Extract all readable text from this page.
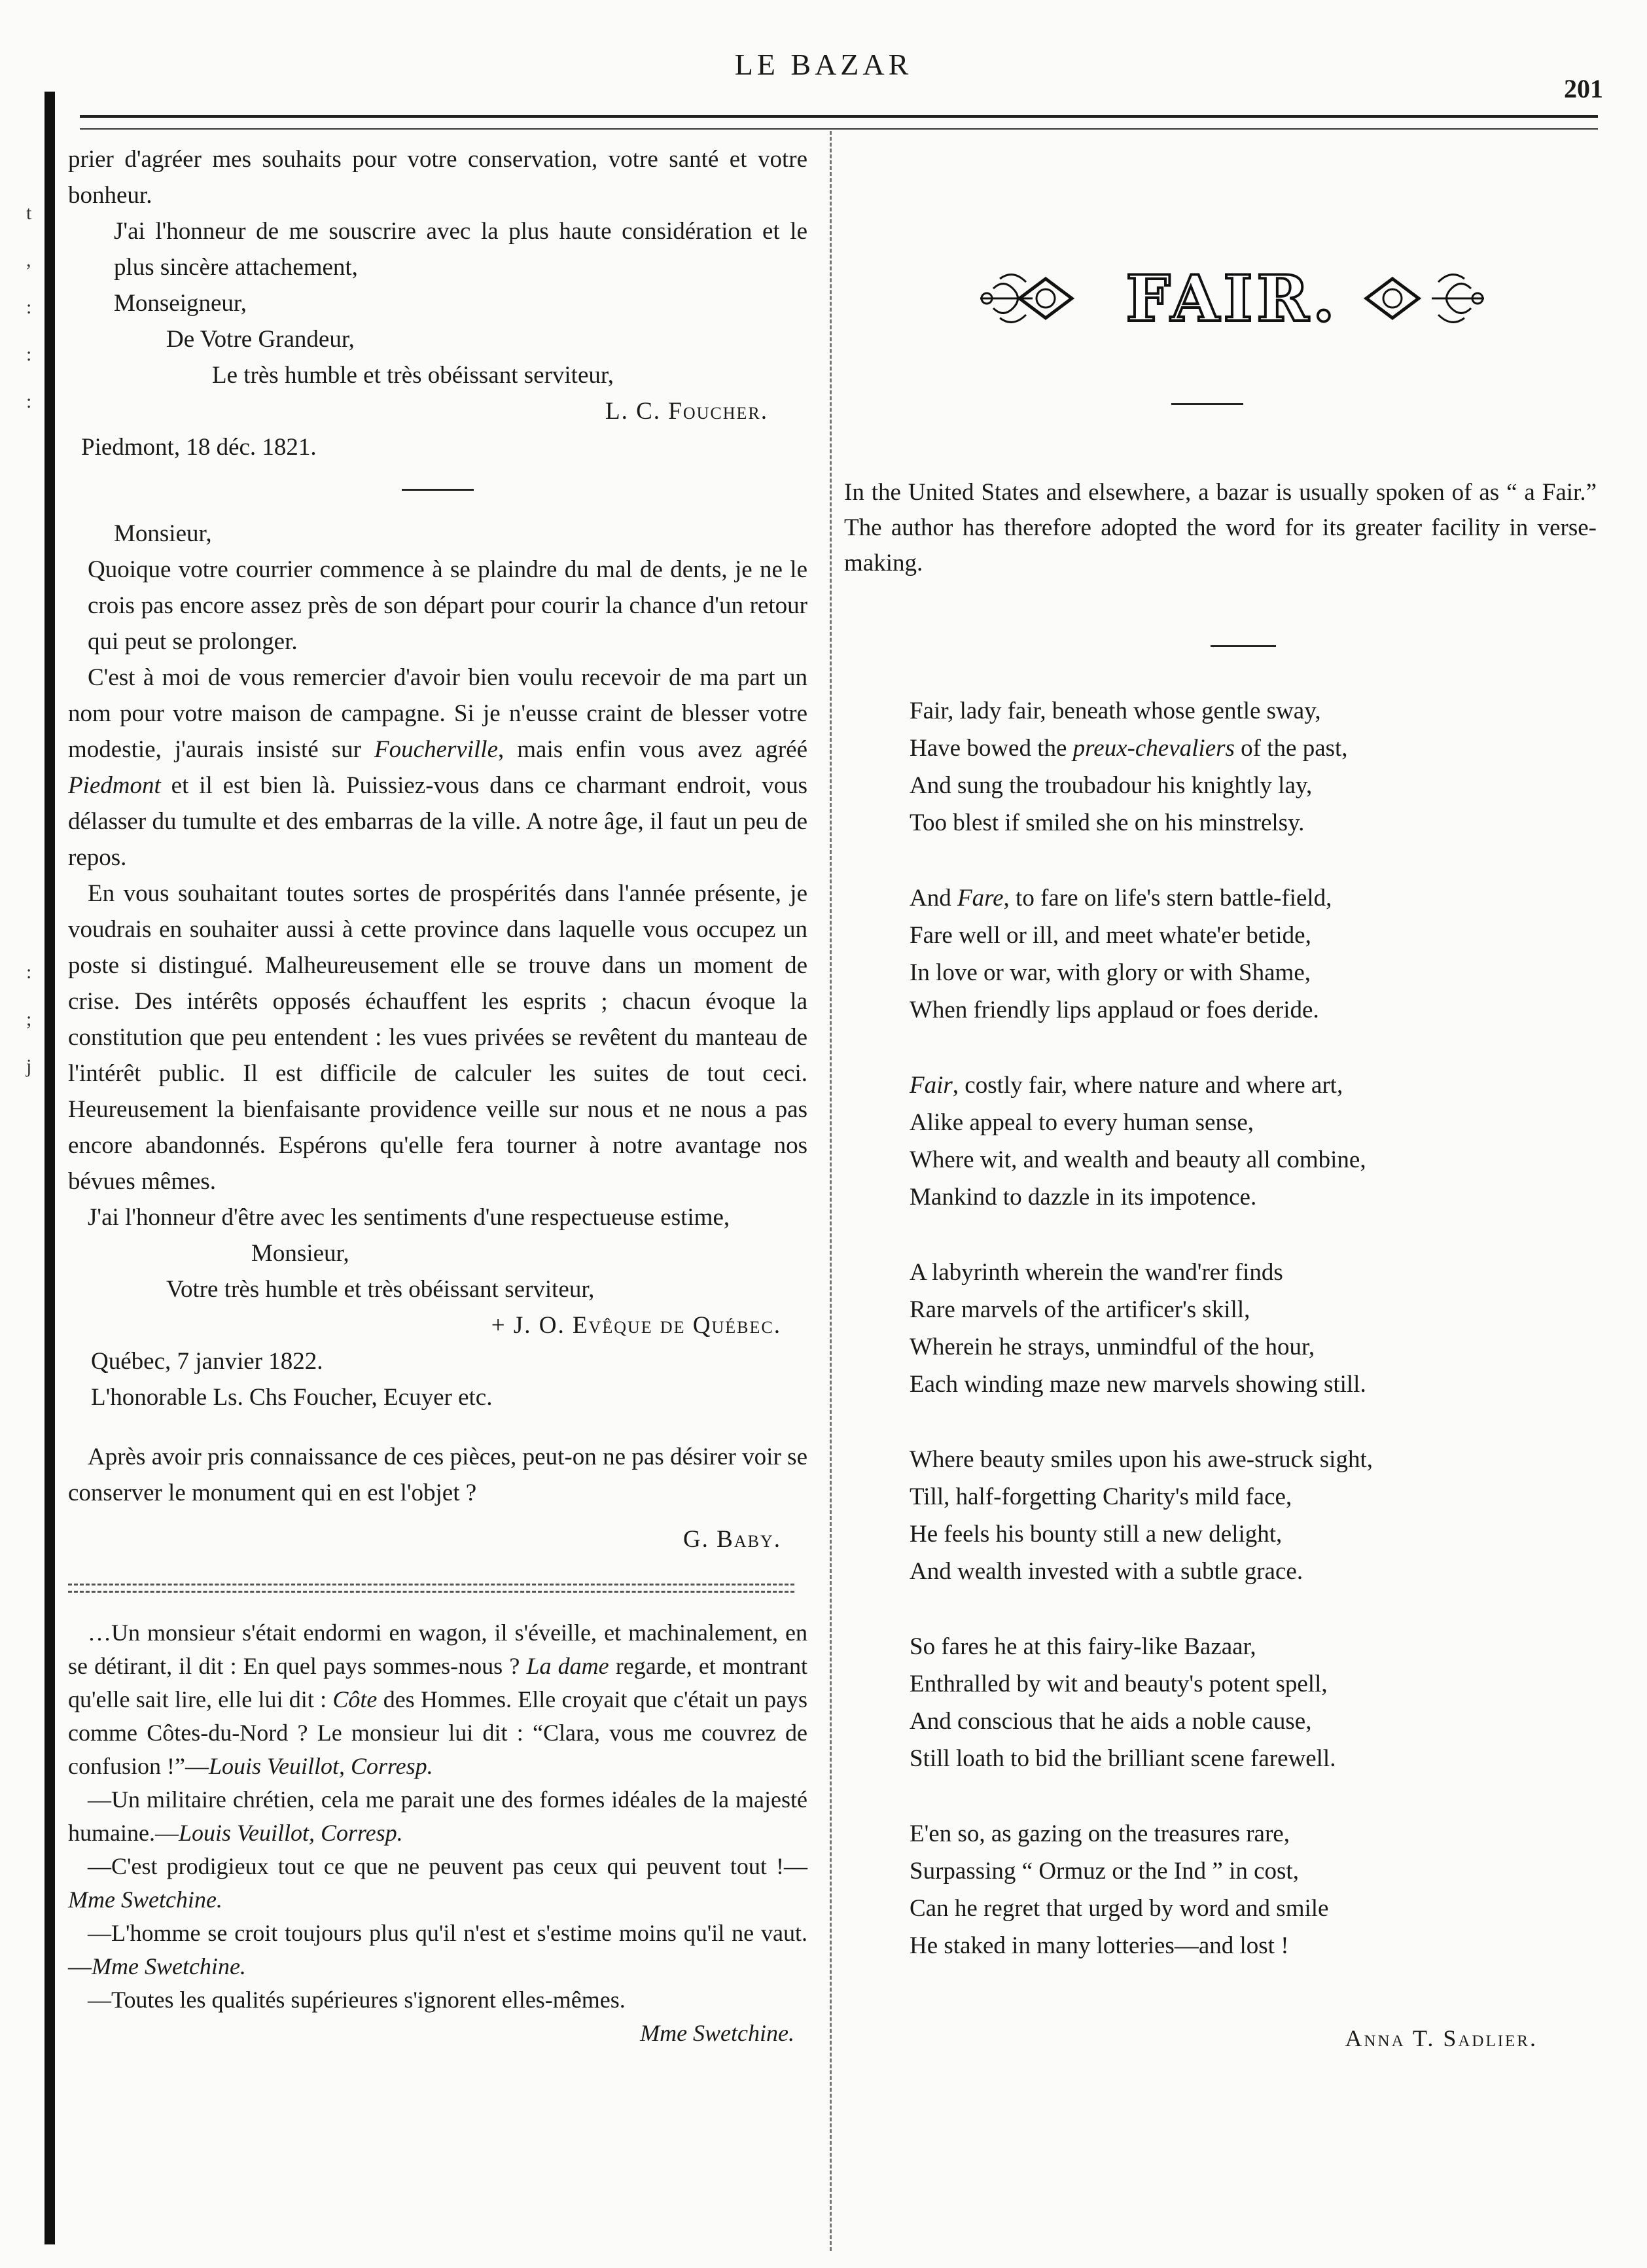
LE BAZAR
201
t
,
:
:
:
:
;
j

prier d'agréer mes souhaits pour votre conservation, votre santé et votre bonheur.

J'ai l'honneur de me souscrire avec la plus haute considération et le plus sincère attachement,

Monseigneur,

De Votre Grandeur,

Le très humble et très obéissant serviteur,

L. C. Foucher.

Piedmont, 18 déc. 1821.

Monsieur,

Quoique votre courrier commence à se plaindre du mal de dents, je ne le crois pas encore assez près de son départ pour courir la chance d'un retour qui peut se prolonger.

C'est à moi de vous remercier d'avoir bien voulu recevoir de ma part un nom pour votre maison de campagne. Si je n'eusse craint de blesser votre modestie, j'aurais insisté sur Foucherville, mais enfin vous avez agréé Piedmont et il est bien là. Puissiez-vous dans ce charmant endroit, vous délasser du tumulte et des embarras de la ville. A notre âge, il faut un peu de repos.

En vous souhaitant toutes sortes de prospérités dans l'année présente, je voudrais en souhaiter aussi à cette province dans laquelle vous occupez un poste si distingué. Malheureusement elle se trouve dans un moment de crise. Des intérêts opposés échauffent les esprits ; chacun évoque la constitution que peu entendent : les vues privées se revêtent du manteau de l'intérêt public. Il est difficile de calculer les suites de tout ceci. Heureusement la bienfaisante providence veille sur nous et ne nous a pas encore abandonnés. Espérons qu'elle fera tourner à notre avantage nos bévues mêmes.

J'ai l'honneur d'être avec les sentiments d'une respectueuse estime,

Monsieur,

Votre très humble et très obéissant serviteur,

+ J. O. Evêque de Québec.

Québec, 7 janvier 1822.

L'honorable Ls. Chs Foucher, Ecuyer etc.

Après avoir pris connaissance de ces pièces, peut-on ne pas désirer voir se conserver le monument qui en est l'objet ?

G. Baby.

…Un monsieur s'était endormi en wagon, il s'éveille, et machinalement, en se détirant, il dit : En quel pays sommes-nous ? La dame regarde, et montrant qu'elle sait lire, elle lui dit : Côte des Hommes. Elle croyait que c'était un pays comme Côtes-du-Nord ? Le monsieur lui dit : “Clara, vous me couvrez de confusion !”—Louis Veuillot, Corresp.

—Un militaire chrétien, cela me parait une des formes idéales de la majesté humaine.—Louis Veuillot, Corresp.

—C'est prodigieux tout ce que ne peuvent pas ceux qui peuvent tout !—Mme Swetchine.

—L'homme se croit toujours plus qu'il n'est et s'estime moins qu'il ne vaut.—Mme Swetchine.

—Toutes les qualités supérieures s'ignorent elles-mêmes.

Mme Swetchine.

FAIR.
In the United States and elsewhere, a bazar is usually spoken of as “ a Fair.” The author has therefore adopted the word for its greater facility in verse-making.
Fair, lady fair, beneath whose gentle sway,
Have bowed the preux-chevaliers of the past,
And sung the troubadour his knightly lay,
Too blest if smiled she on his minstrelsy.
And Fare, to fare on life's stern battle-field,
Fare well or ill, and meet whate'er betide,
In love or war, with glory or with Shame,
When friendly lips applaud or foes deride.
Fair, costly fair, where nature and where art,
Alike appeal to every human sense,
Where wit, and wealth and beauty all combine,
Mankind to dazzle in its impotence.
A labyrinth wherein the wand'rer finds
Rare marvels of the artificer's skill,
Wherein he strays, unmindful of the hour,
Each winding maze new marvels showing still.
Where beauty smiles upon his awe-struck sight,
Till, half-forgetting Charity's mild face,
He feels his bounty still a new delight,
And wealth invested with a subtle grace.
So fares he at this fairy-like Bazaar,
Enthralled by wit and beauty's potent spell,
And conscious that he aids a noble cause,
Still loath to bid the brilliant scene farewell.
E'en so, as gazing on the treasures rare,
Surpassing “ Ormuz or the Ind ” in cost,
Can he regret that urged by word and smile
He staked in many lotteries—and lost !
Anna T. Sadlier.
